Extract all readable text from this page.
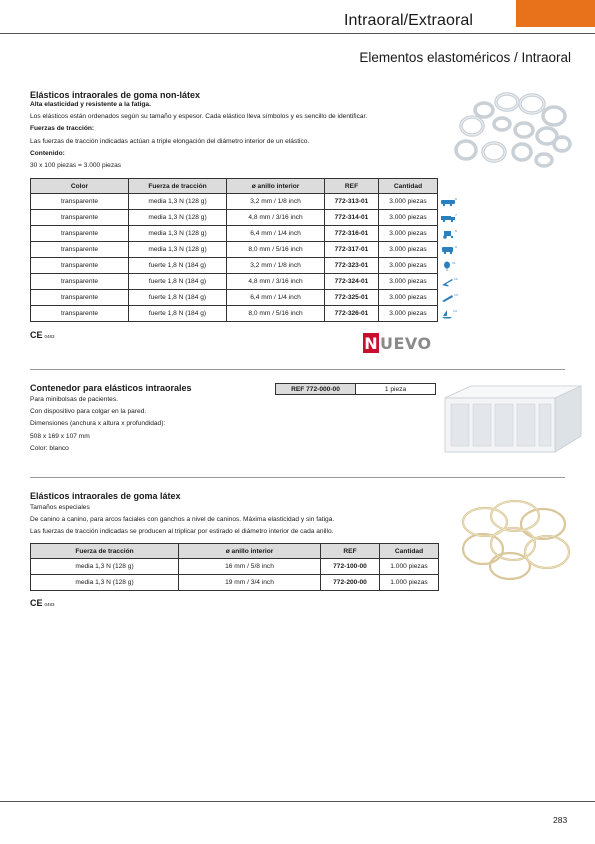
Intraoral/Extraoral
Elementos elastoméricos / Intraoral
Elásticos intraorales de goma non-látex

Alta elasticidad y resistente a la fatiga.

Los elásticos están ordenados según su tamaño y espesor. Cada elástico lleva símbolos y es sencillo de identificar.

Fuerzas de tracción:

Las fuerzas de tracción indicadas actúan a triple elongación del diámetro interior de un elástico.

Contenido:

30 x 100 piezas = 3.000 piezas

Color	Fuerza de tracción	ø anillo interior	REF	Cantidad
transparente	media 1,3 N (128 g)	3,2 mm / 1/8 inch	772-313-01	3.000 piezas
transparente	media 1,3 N (128 g)	4,8 mm / 3/16 inch	772-314-01	3.000 piezas
transparente	media 1,3 N (128 g)	6,4 mm / 1/4 inch	772-316-01	3.000 piezas
transparente	media 1,3 N (128 g)	8,0 mm / 5/16 inch	772-317-01	3.000 piezas
transparente	fuerte 1,8 N (184 g)	3,2 mm / 1/8 inch	772-323-01	3.000 piezas
transparente	fuerte 1,8 N (184 g)	4,8 mm / 3/16 inch	772-324-01	3.000 piezas
transparente	fuerte 1,8 N (184 g)	6,4 mm / 1/4 inch	772-325-01	3.000 piezas
transparente	fuerte 1,8 N (184 g)	8,0 mm / 5/16 inch	772-326-01	3.000 piezas
8
7
8
9
11
12
13
14
CE 0483	N UEVO
Contenedor para elásticos intraorales	REF 772-000-00	1 pieza

Para minibolsas de pacientes.

Con dispositivo para colgar en la pared.

Dimensiones (anchura x altura x profundidad):

508 x 169 x 107 mm

Color: blanco

Elásticos intraorales de goma látex

Tamaños especiales

De canino a canino, para arcos faciales con ganchos a nivel de caninos. Máxima elasticidad y sin fatiga.

Las fuerzas de tracción indicadas se producen al triplicar por estirado el diámetro interior de cada anillo.

Fuerza de tracción	ø anillo interior	REF	Cantidad
media 1,3 N (128 g)	16 mm / 5/8 inch	772-100-00	1.000 piezas
media 1,3 N (128 g)	19 mm / 3/4 inch	772-200-00	1.000 piezas
CE 0483
283
